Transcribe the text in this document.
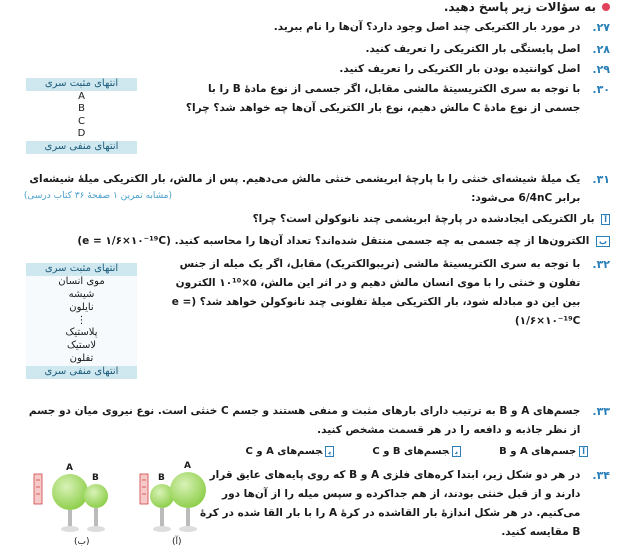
به سؤالات زیر پاسخ دهید.
۲۷.
در مورد بار الکتریکی چند اصل وجود دارد؟ آن‌ها را نام ببرید.
۲۸.
اصل پایستگی بار الکتریکی را تعریف کنید.
۲۹.
اصل کوانتیده بودن بار الکتریکی را تعریف کنید.
۳۰.
با توجه به سری الکتریسیتهٔ مالشی مقابل، اگر جسمی از نوع مادهٔ B را با جسمی از نوع مادهٔ C مالش دهیم، نوع بار الکتریکی آن‌ها چه خواهد شد؟ چرا؟
انتهای مثبت سری
A
B
C
D
انتهای منفی سری
۳۱.
یک میلهٔ شیشه‌ای خنثی را با پارچهٔ ابریشمی خنثی مالش می‌دهیم. پس از مالش، بار الکتریکی میلهٔ شیشه‌ای برابر 6/4nC می‌شود:
(مشابه تمرین ۱ صفحهٔ ۳۶ کتاب درسی)
آ بار الکتریکی ایجادشده در پارچهٔ ابریشمی چند نانوکولن است؟ چرا؟
ب الکترون‌ها از چه جسمی به چه جسمی منتقل شده‌اند؟ تعداد آن‌ها را محاسبه کنید. (e = ۱/۶×۱۰⁻¹⁹C)
۳۲.
با توجه به سری الکتریسیتهٔ مالشی (تریبوالکتریک) مقابل، اگر یک میله از جنس تفلون و خنثی را با موی انسان مالش دهیم و در اثر این مالش، ۵×۱۰¹⁰ الکترون بین این دو مبادله شود، بار الکتریکی میلهٔ تفلونی چند نانوکولن خواهد شد؟ (e = ۱/۶×۱۰⁻¹⁹C)
انتهای مثبت سری
موی انسان
شیشه
نایلون
⋮
پلاستیک
لاستیک
تفلون
انتهای منفی سری
۳۳.
جسم‌های A و B به ترتیب دارای بارهای مثبت و منفی هستند و جسم C خنثی است. نوع نیروی میان دو جسم از نظر جاذبه و دافعه را در هر قسمت مشخص کنید.
آجسم‌های A و B
بجسم‌های B و C
پجسم‌های A و C
۳۴.
در هر دو شکل زیر، ابتدا کره‌های فلزی A و B که روی پایه‌های عایق قرار دارند و از قبل خنثی بودند، از هم جداکرده و سپس میله را از آن‌ها دور می‌کنیم. در هر شکل اندازهٔ بار القاشده در کرهٔ A را با بار القا شده در کرهٔ B مقایسه کنید.
A
B
(ب)
B
A
(آ)
